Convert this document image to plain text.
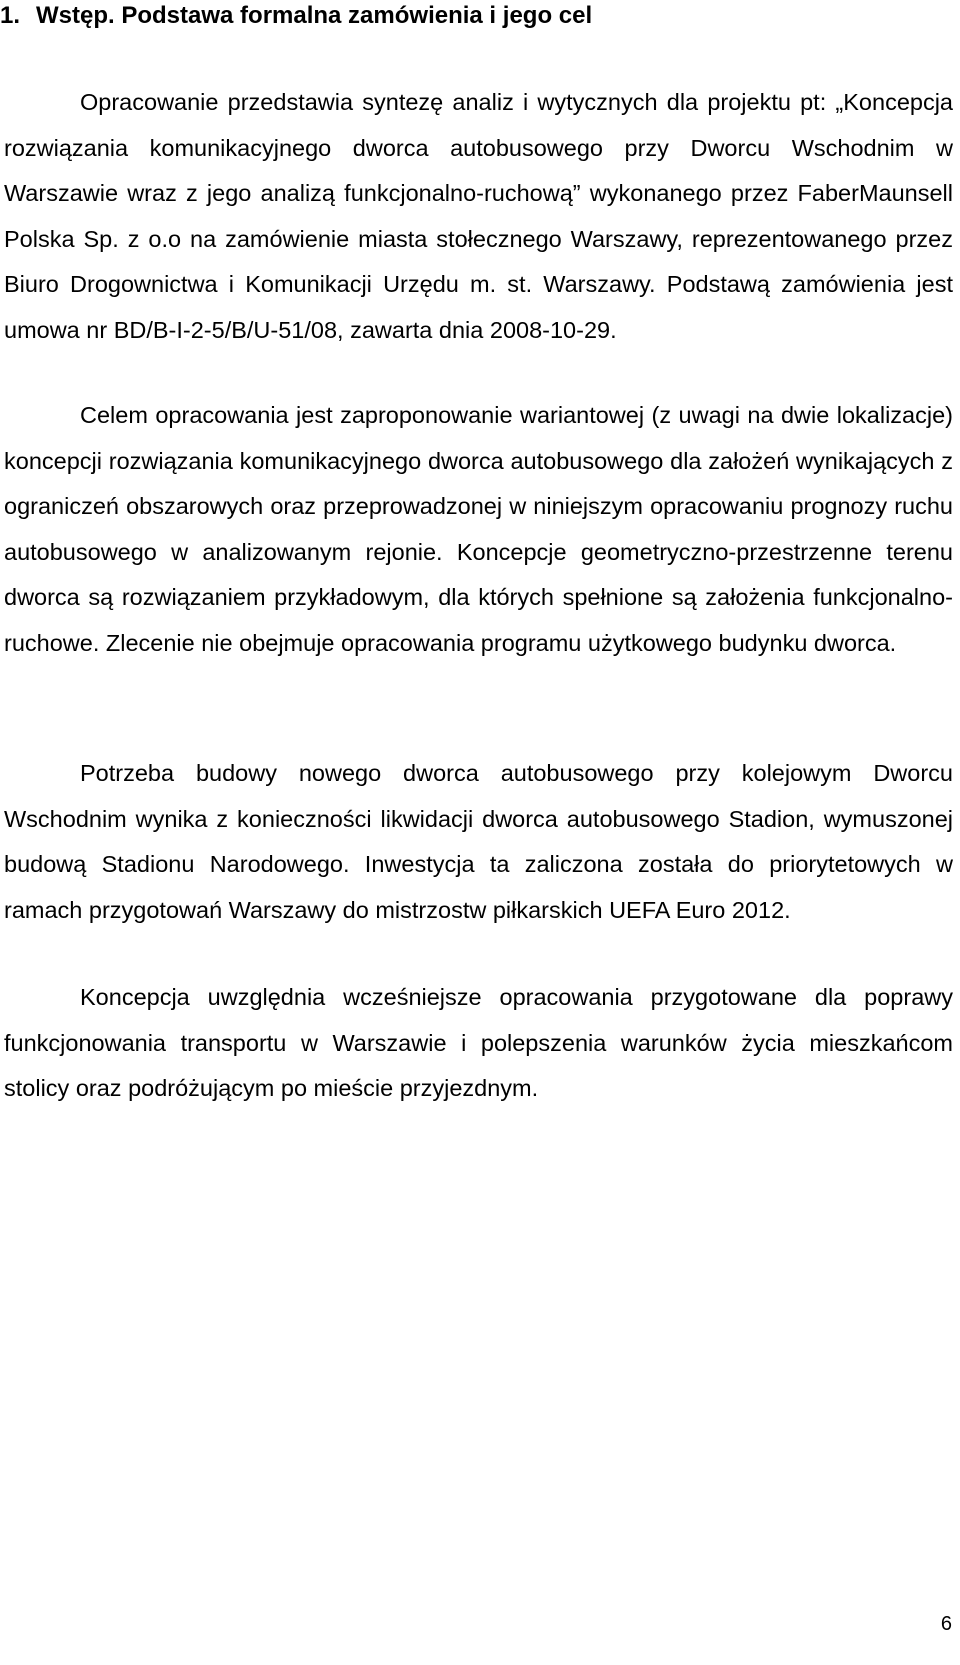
1. Wstęp. Podstawa formalna zamówienia i jego cel

Opracowanie przedstawia syntezę analiz i wytycznych dla projektu pt: „Koncepcja rozwiązania komunikacyjnego dworca autobusowego przy Dworcu Wschodnim w Warszawie wraz z jego analizą funkcjonalno-ruchową” wykonanego przez FaberMaunsell Polska Sp. z o.o na zamówienie miasta stołecznego Warszawy, reprezentowanego przez Biuro Drogownictwa i Komunikacji Urzędu m. st. Warszawy. Podstawą zamówienia jest umowa nr BD/B-I-2-5/B/U-51/08, zawarta dnia 2008-10-29.

Celem opracowania jest zaproponowanie wariantowej (z uwagi na dwie lokalizacje) koncepcji rozwiązania komunikacyjnego dworca autobusowego dla założeń wynikających z ograniczeń obszarowych oraz przeprowadzonej w niniejszym opracowaniu prognozy ruchu autobusowego w analizowanym rejonie. Koncepcje geometryczno-przestrzenne terenu dworca są rozwiązaniem przykładowym, dla których spełnione są założenia funkcjonalno-ruchowe. Zlecenie nie obejmuje opracowania programu użytkowego budynku dworca.

Potrzeba budowy nowego dworca autobusowego przy kolejowym Dworcu Wschodnim wynika z konieczności likwidacji dworca autobusowego Stadion, wymuszonej budową Stadionu Narodowego. Inwestycja ta zaliczona została do priorytetowych w ramach przygotowań Warszawy do mistrzostw piłkarskich UEFA Euro 2012.

Koncepcja uwzględnia wcześniejsze opracowania przygotowane dla poprawy funkcjonowania transportu w Warszawie i polepszenia warunków życia mieszkańcom stolicy oraz podróżującym po mieście przyjezdnym.

6
